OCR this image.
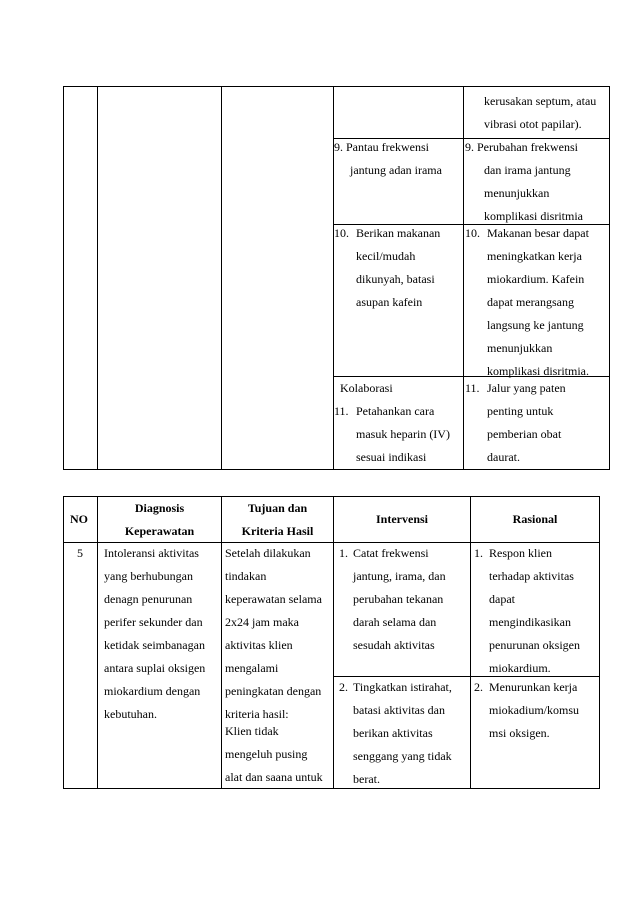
kerusakan septum, atau
vibrasi otot papilar).
9. Pantau frekwensi
jantung adan irama
9. Perubahan frekwensi
dan irama jantung
menunjukkan
komplikasi disritmia
10. Berikan makanan
kecil/mudah
dikunyah, batasi
asupan kafein
10. Makanan besar dapat
meningkatkan kerja
miokardium. Kafein
dapat merangsang
langsung ke jantung
menunjukkan
komplikasi disritmia.
Kolaborasi
11. Petahankan cara
masuk heparin (IV)
sesuai indikasi
11. Jalur yang paten
penting untuk
pemberian obat
daurat.
NO
Diagnosis
Keperawatan
Tujuan dan
Kriteria Hasil
Intervensi	Rasional
5 Intoleransi aktivitas
yang berhubungan
denagn penurunan
perifer sekunder dan
ketidak seimbanagan
antara suplai oksigen
miokardium dengan
kebutuhan.
Setelah dilakukan
tindakan
keperawatan selama
2x24 jam maka
aktivitas klien
mengalami
peningkatan dengan
kriteria hasil:
Klien tidak
mengeluh pusing
alat dan saana untuk
1. Catat frekwensi
jantung, irama, dan
perubahan tekanan
darah selama dan
sesudah aktivitas
1. Respon klien
terhadap aktivitas
dapat
mengindikasikan
penurunan oksigen
miokardium.
2. Tingkatkan istirahat,
batasi aktivitas dan
berikan aktivitas
senggang yang tidak
berat.
2. Menurunkan kerja
miokadium/komsu
msi oksigen.
